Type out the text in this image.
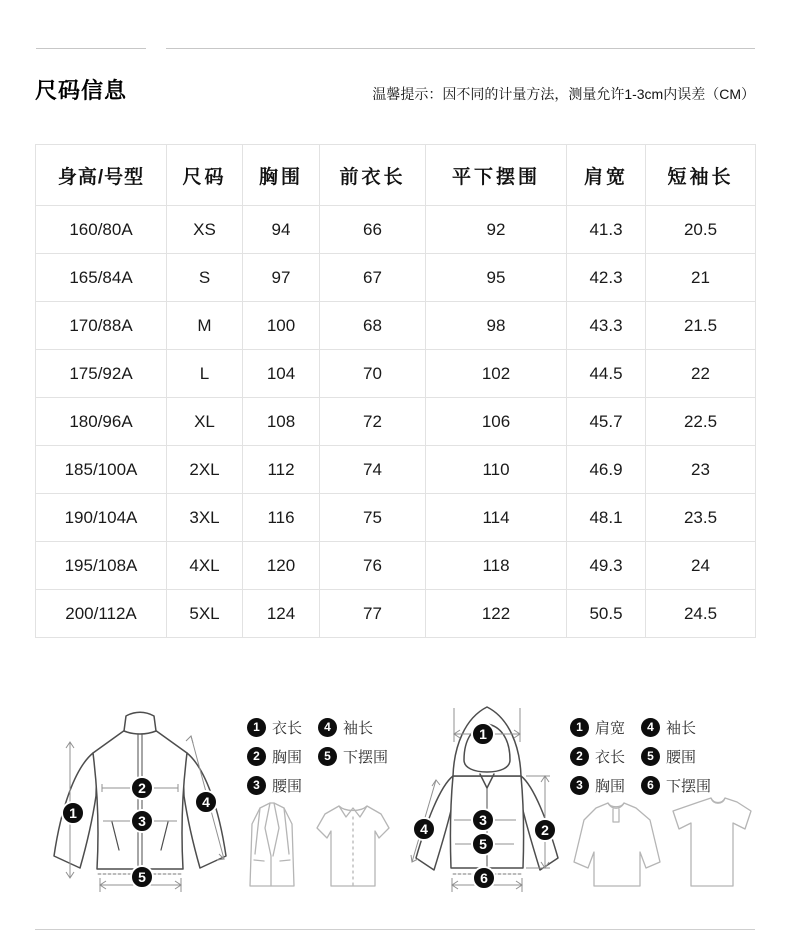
尺码信息	温馨提示：因不同的计量方法，测量允许1-3cm内误差（CM）
身高/号型	尺码	胸围	前衣长	平下摆围	肩宽	短袖长
160/80A	XS	94	66	92	41.3	20.5
165/84A	S	97	67	95	42.3	21
170/88A	M	100	68	98	43.3	21.5
175/92A	L	104	70	102	44.5	22
180/96A	XL	108	72	106	45.7	22.5
185/100A	2XL	112	74	110	46.9	23
190/104A	3XL	116	75	114	48.1	23.5
195/108A	4XL	120	76	118	49.3	24
200/112A	5XL	124	77	122	50.5	24.5
1
2
3
4
5
1 衣长
2 胸围
3 腰围
4 袖长
5 下摆围
1
2
3
4
5
6
1 肩宽
2 衣长
3 胸围
4 袖长
5 腰围
6 下摆围
